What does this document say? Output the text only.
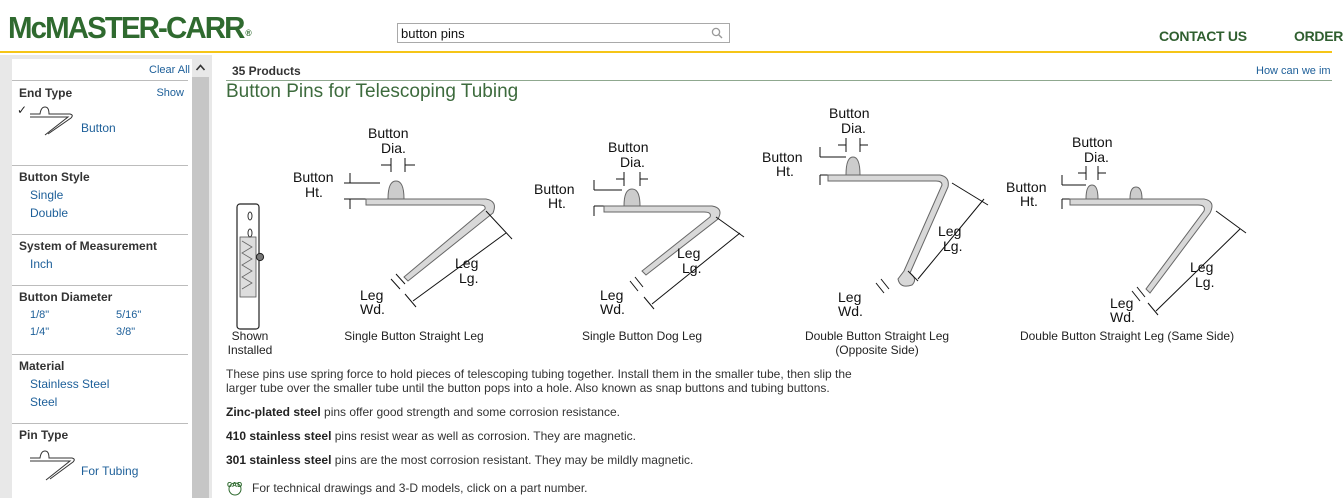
McMASTER-CARR ®
button pins	CONTACT US	ORDER
Clear All
End Type	Show
✓
Button
Button Style
Single
Double
System of Measurement
Inch
Button Diameter
1/8"	5/16"
1/4"	3/8"
Material
Stainless Steel
Steel
Pin Type
For Tubing
35 Products	How can we im
Button Pins for Telescoping Tubing
Shown
Installed
Button
Dia.
Button
Ht.
Leg
Lg.
Leg
Wd.
Single Button Straight Leg
Button
Dia.
Button
Ht.
Leg
Lg.
Leg
Wd.
Single Button Dog Leg
Button
Dia.
Button
Ht.
Leg
Lg.
Leg
Wd.
Double Button Straight Leg
(Opposite Side)
Button
Dia.
Button
Ht.
Leg
Lg.
Leg
Wd.
Double Button Straight Leg (Same Side)
These pins use spring force to hold pieces of telescoping tubing together. Install them in the smaller tube, then slip the
larger tube over the smaller tube until the button pops into a hole. Also known as snap buttons and tubing buttons.
Zinc-plated steel pins offer good strength and some corrosion resistance.
410 stainless steel pins resist wear as well as corrosion. They are magnetic.
301 stainless steel pins are the most corrosion resistant. They may be mildly magnetic.
CAD For technical drawings and 3-D models, click on a part number.
